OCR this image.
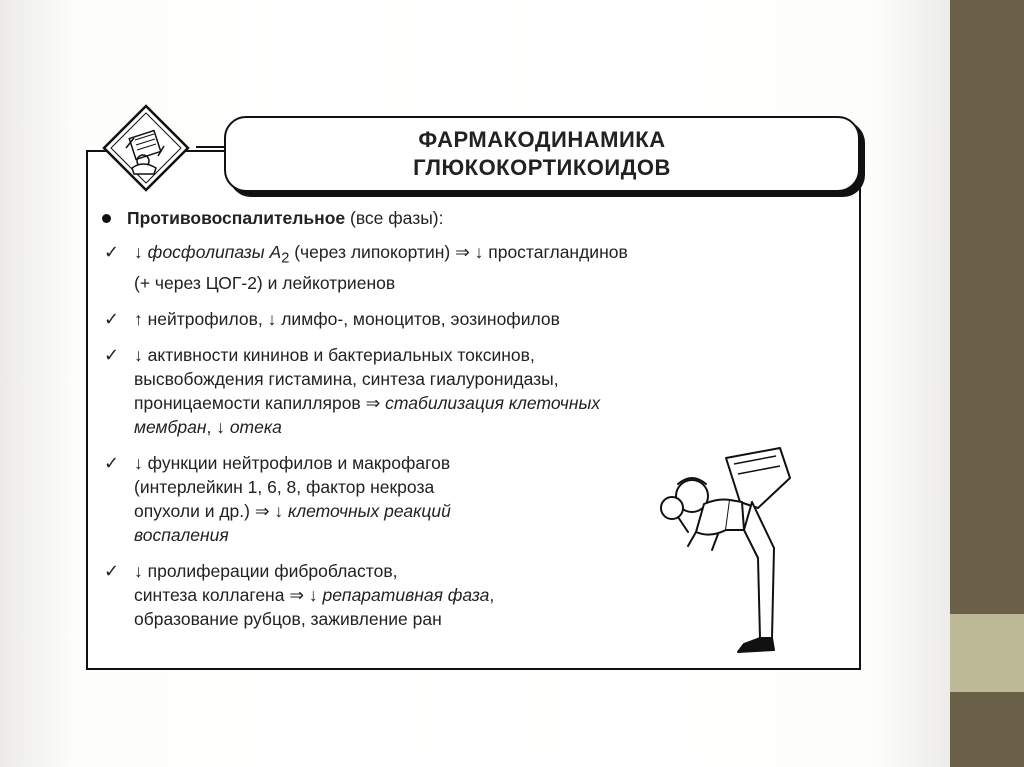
ФАРМАКОДИНАМИКА
ГЛЮКОКОРТИКОИДОВ
Противовоспалительное (все фазы):
✓ ↓ фосфолипазы $А_2$ (через липокортин) ⇒ ↓ простагландинов
(+ через ЦОГ-2) и лейкотриенов
✓ ↑ нейтрофилов, ↓ лимфо-, моноцитов, эозинофилов
✓ ↓ активности кининов и бактериальных токсинов,
высвобождения гистамина, синтеза гиалуронидазы,
проницаемости капилляров ⇒ стабилизация клеточных
мембран, ↓ отека
✓ ↓ функции нейтрофилов и макрофагов
(интерлейкин 1, 6, 8, фактор некроза
опухоли и др.) ⇒ ↓ клеточных реакций
воспаления
✓ ↓ пролиферации фибробластов,
синтеза коллагена ⇒ ↓ репаративная фаза,
образование рубцов, заживление ран
